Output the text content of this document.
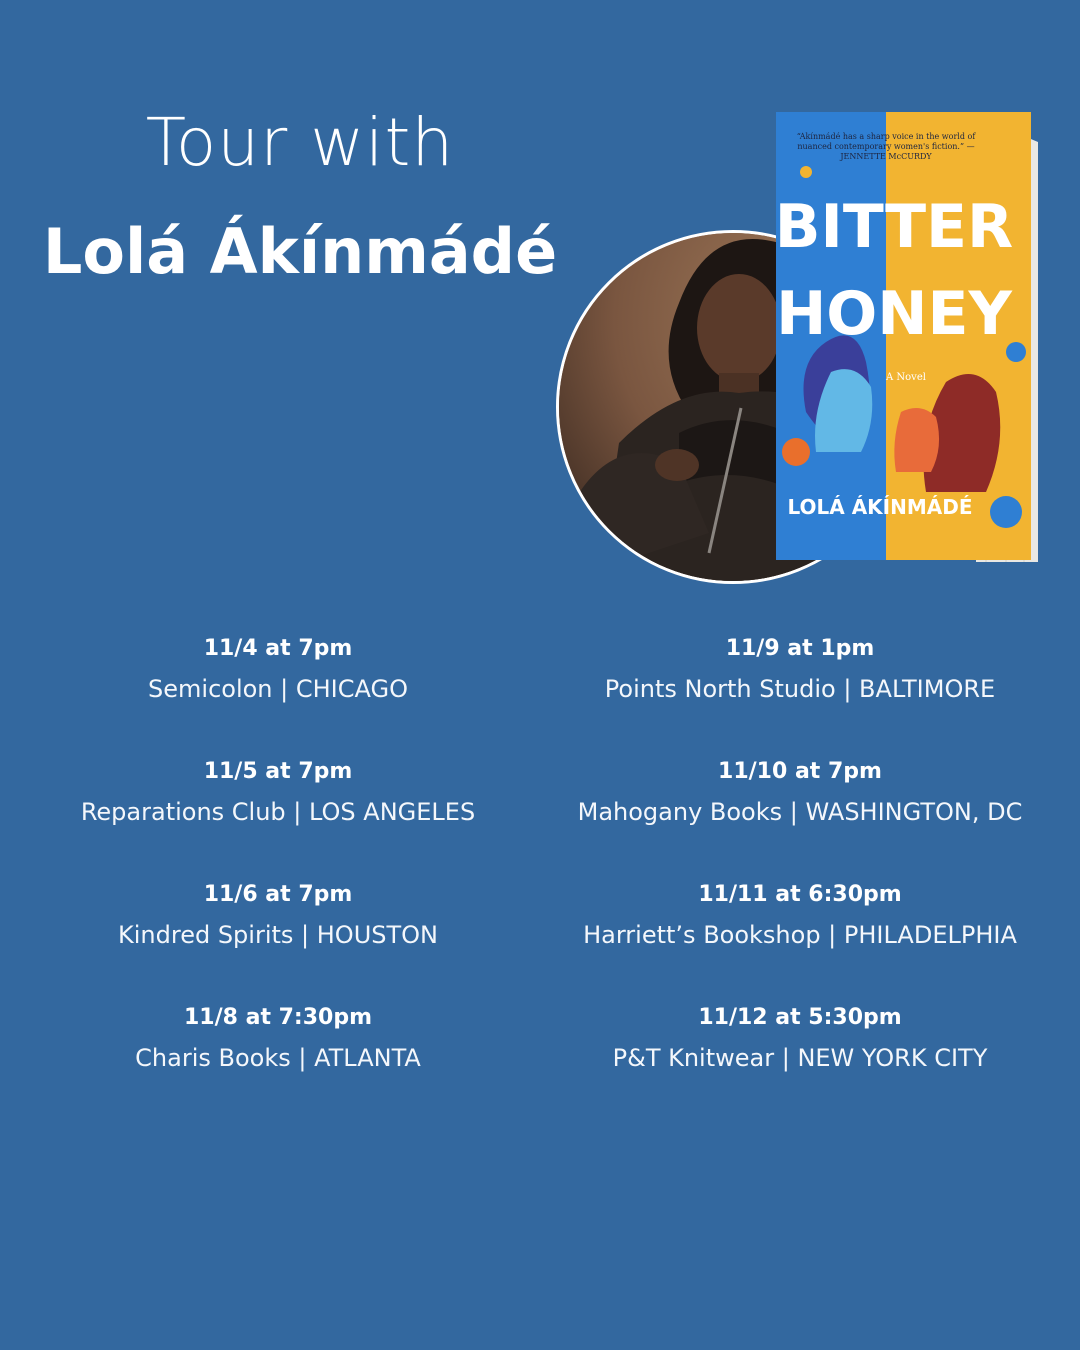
Tour with
Lolá Ákínmádé	BITTER
HONEY
A Novel
LOLÁ ÁKÍNMÁDÉ
“Ákínmádé has a sharp voice in the world of nuanced contemporary women's fiction.” —JENNETTE McCURDY
11/4 at 7pm
Semicolon | CHICAGO
11/5 at 7pm
Reparations Club | LOS ANGELES
11/6 at 7pm
Kindred Spirits | HOUSTON
11/8 at 7:30pm
Charis Books | ATLANTA
11/9 at 1pm
Points North Studio | BALTIMORE
11/10 at 7pm
Mahogany Books | WASHINGTON, DC
11/11 at 6:30pm
Harriett’s Bookshop | PHILADELPHIA
11/12 at 5:30pm
P&T Knitwear | NEW YORK CITY
